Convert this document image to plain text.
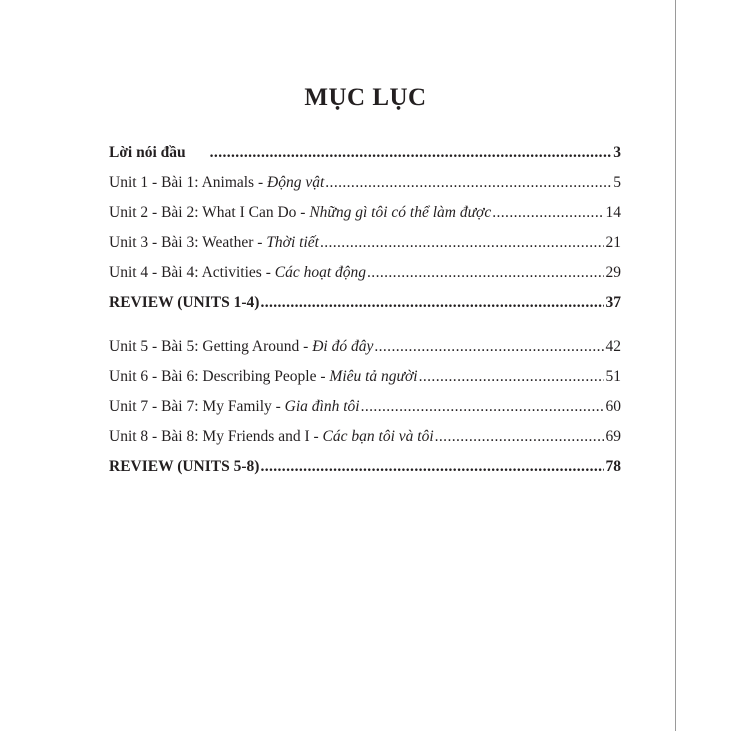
MỤC LỤC
Lời nói đầu .....	3
Unit 1 - Bài 1: Animals - Động vật .....	5
Unit 2 - Bài 2: What I Can Do - Những gì tôi có thể làm được .....	14
Unit 3 - Bài 3: Weather - Thời tiết .....	21
Unit 4 - Bài 4: Activities - Các hoạt động .....	29
REVIEW (UNITS 1-4) .....	37
Unit 5 - Bài 5: Getting Around - Đi đó đây .....	42
Unit 6 - Bài 6: Describing People - Miêu tả người .....	51
Unit 7 - Bài 7: My Family - Gia đình tôi .....	60
Unit 8 - Bài 8: My Friends and I - Các bạn tôi và tôi .....	69
REVIEW (UNITS 5-8) .....	78
